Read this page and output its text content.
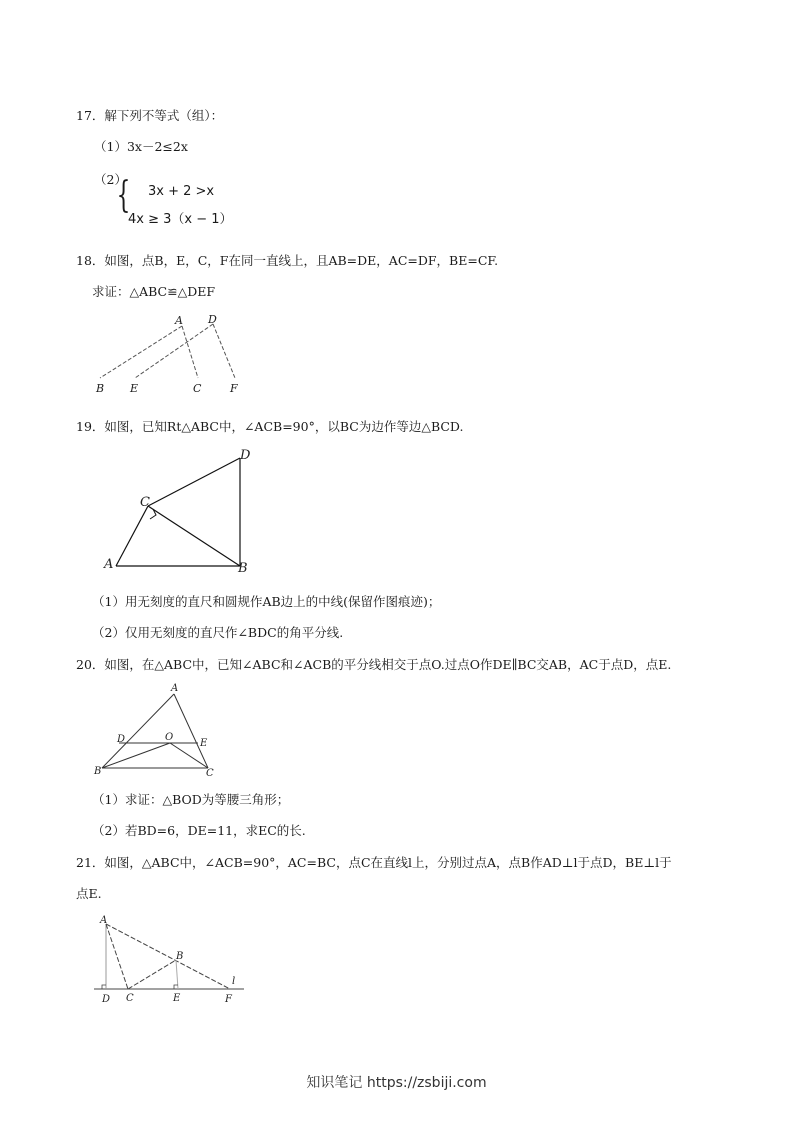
17．解下列不等式（组）：
（1）3x－2≤2x
（2）
{ 3x + 2 >x
4x ≥ 3（x − 1）
18．如图，点B，E，C，F在同一直线上，且AB=DE，AC=DF，BE=CF.
求证：△ABC≌△DEF
A D
B E	C	F
19．如图，已知Rt△ABC中，∠ACB=90°，以BC为边作等边△BCD.
A	B
C
D
（1）用无刻度的直尺和圆规作AB边上的中线(保留作图痕迹)；
（2）仅用无刻度的直尺作∠BDC的角平分线.
20．如图，在△ABC中，已知∠ABC和∠ACB的平分线相交于点O.过点O作DE∥BC交AB，AC于点D，点E.
A
B	C
D	E
O
（1）求证：△BOD为等腰三角形；
（2）若BD=6，DE=11，求EC的长.
21．如图，△ABC中，∠ACB=90°，AC=BC，点C在直线l上，分别过点A，点B作AD⊥l于点D，BE⊥l于
点E.
A
B
C
D	E	F
l
知识笔记 https://zsbiji.com
